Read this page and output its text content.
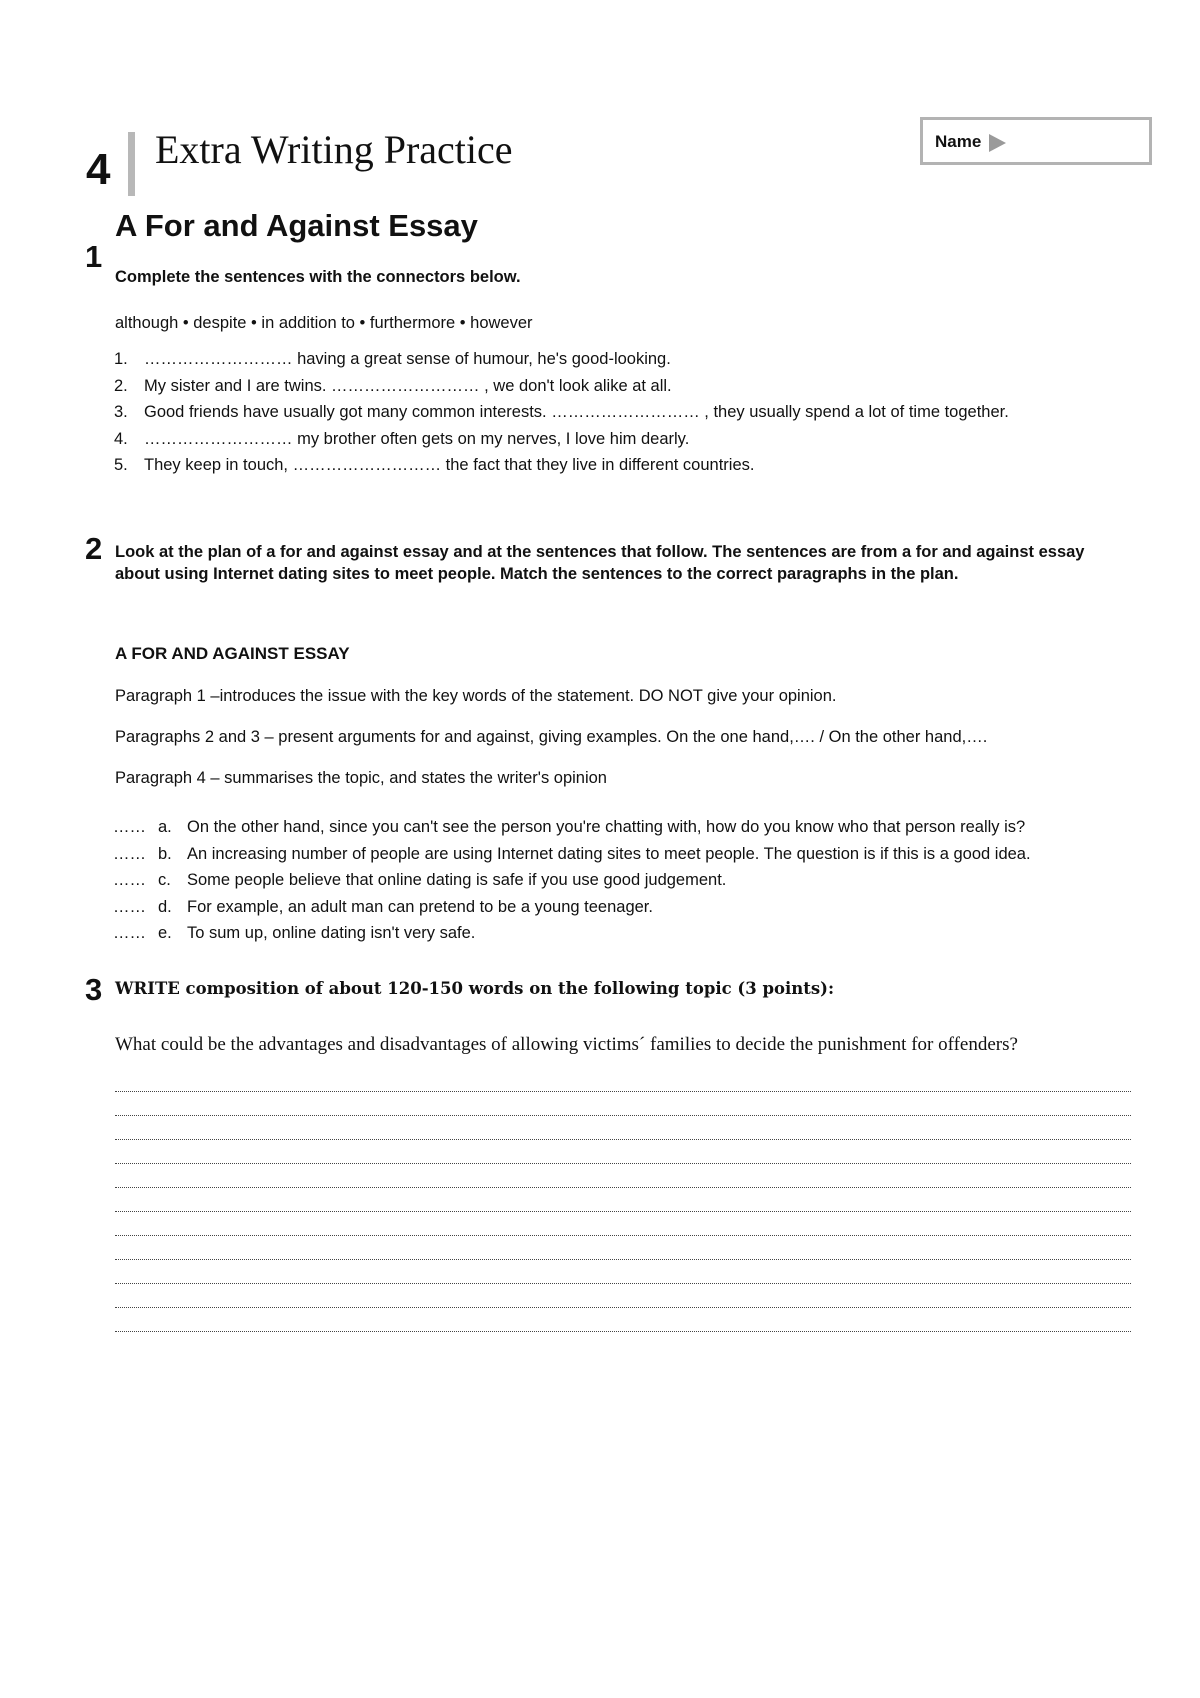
4 Extra Writing Practice	Name
A For and Against Essay
1
Complete the sentences with the connectors below.
although • despite • in addition to • furthermore • however
1. ……………………… having a great sense of humour, he's good-looking.
2. My sister and I are twins. ……………………… , we don't look alike at all.
3. Good friends have usually got many common interests. ……………………… , they usually spend a lot of time together.
4. ……………………… my brother often gets on my nerves, I love him dearly.
5. They keep in touch, ……………………… the fact that they live in different countries.
2 Look at the plan of a for and against essay and at the sentences that follow. The sentences are from a for and against essay about using Internet dating sites to meet people. Match the sentences to the correct paragraphs in the plan.
A FOR AND AGAINST ESSAY
Paragraph 1 –introduces the issue with the key words of the statement. DO NOT give your opinion.
Paragraphs 2 and 3 – present arguments for and against, giving examples. On the one hand,…. / On the other hand,….
Paragraph 4 – summarises the topic, and states the writer's opinion
…… a. On the other hand, since you can't see the person you're chatting with, how do you know who that person really is?
…… b. An increasing number of people are using Internet dating sites to meet people. The question is if this is a good idea.
…… c. Some people believe that online dating is safe if you use good judgement.
…… d. For example, an adult man can pretend to be a young teenager.
…… e. To sum up, online dating isn't very safe.
3 WRITE composition of about 120-150 words on the following topic (3 points):
What could be the advantages and disadvantages of allowing victims´ families to decide the punishment for offenders?
